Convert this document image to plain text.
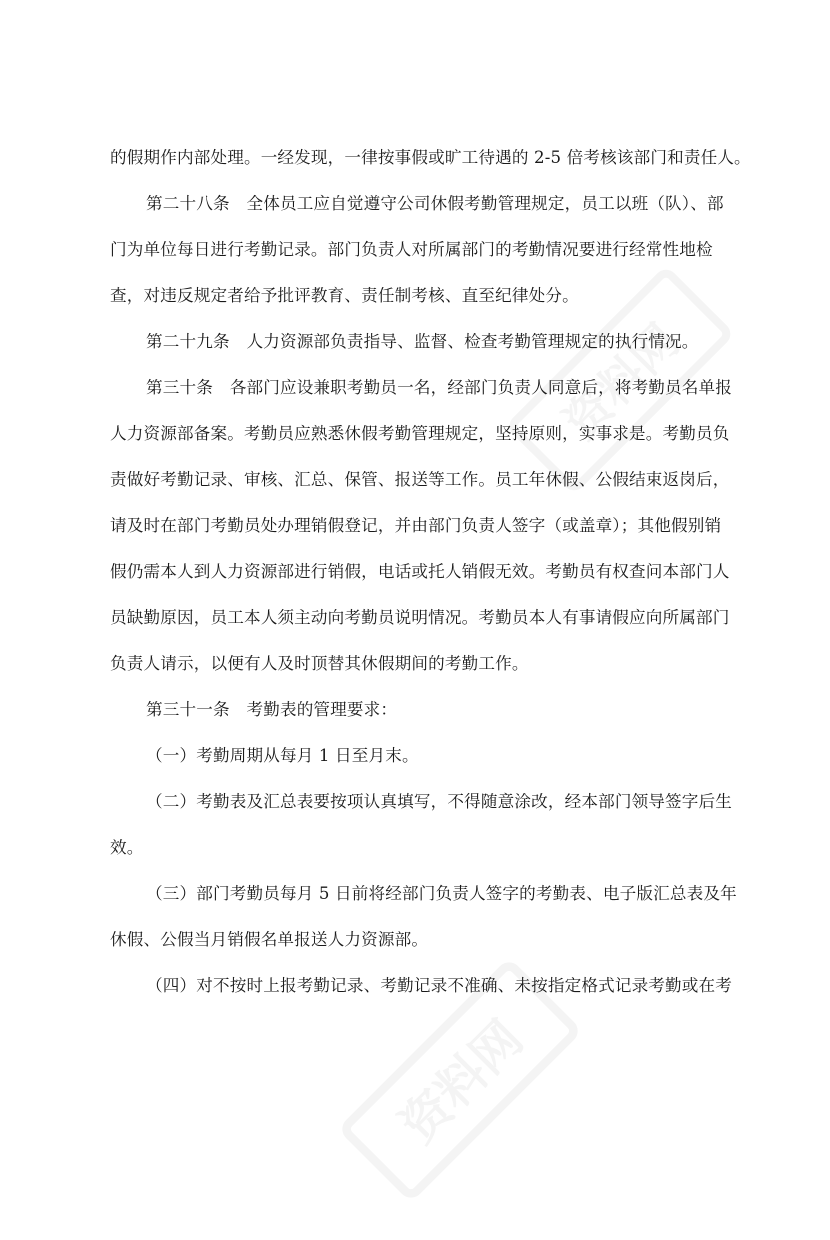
资料网
资料网
的假期作内部处理。一经发现，一律按事假或旷工待遇的 2-5 倍考核该部门和责任人。
第二十八条　全体员工应自觉遵守公司休假考勤管理规定，员工以班（队）、部
门为单位每日进行考勤记录。部门负责人对所属部门的考勤情况要进行经常性地检
查，对违反规定者给予批评教育、责任制考核、直至纪律处分。
第二十九条　人力资源部负责指导、监督、检查考勤管理规定的执行情况。
第三十条　各部门应设兼职考勤员一名，经部门负责人同意后，将考勤员名单报
人力资源部备案。考勤员应熟悉休假考勤管理规定，坚持原则，实事求是。考勤员负
责做好考勤记录、审核、汇总、保管、报送等工作。员工年休假、公假结束返岗后，
请及时在部门考勤员处办理销假登记，并由部门负责人签字（或盖章）；其他假别销
假仍需本人到人力资源部进行销假，电话或托人销假无效。考勤员有权查问本部门人
员缺勤原因，员工本人须主动向考勤员说明情况。考勤员本人有事请假应向所属部门
负责人请示，以便有人及时顶替其休假期间的考勤工作。
第三十一条　考勤表的管理要求：
（一）考勤周期从每月 1 日至月末。
（二）考勤表及汇总表要按项认真填写，不得随意涂改，经本部门领导签字后生
效。
（三）部门考勤员每月 5 日前将经部门负责人签字的考勤表、电子版汇总表及年
休假、公假当月销假名单报送人力资源部。
（四）对不按时上报考勤记录、考勤记录不准确、未按指定格式记录考勤或在考
